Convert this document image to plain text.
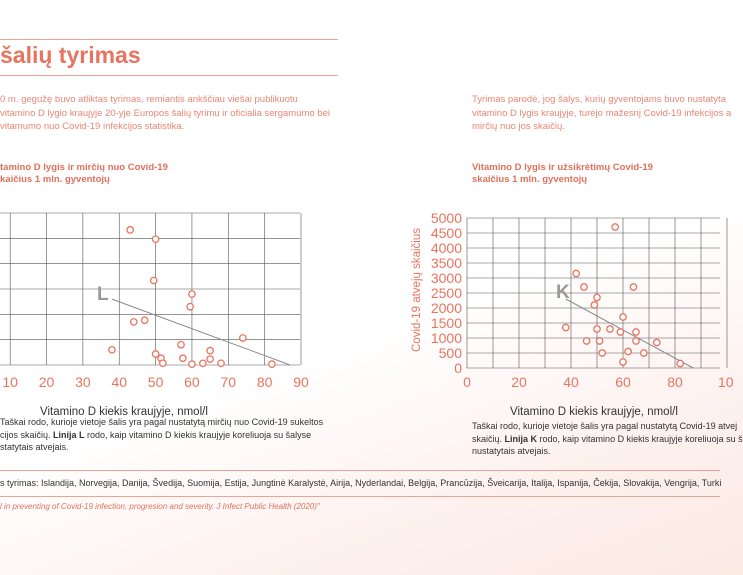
šalių tyrimas
0 m. gegužę buvo atliktas tyrimas, remiantis ankščiau viešai publikuotu
vitamino D lygio kraujyje 20-yje Europos šalių tyrimu ir oficialia sergamumo bei
vitamumo nuo Covid-19 infekcijos statistika.
Tyrimas parodė, jog šalys, kurių gyventojams buvo nustatyta
vitamino D lygis kraujyje, turėjo mažesnį Covid-19 infekcijos a
mirčių nuo jos skaičių.
tamino D lygis ir mirčių nuo Covid-19
kaičius 1 mln. gyventojų
Vitamino D lygis ir užsikrėtimų Covid-19
skaičius 1 mln. gyventojų
10 20 30 40 50 60 70 80 90
L
Vitamino D kiekis kraujyje, nmol/l
0
500
1000
1500
2000
2500
3000
3500
4000
4500
5000
0	20	40	60	80	10
K
Covid-19 atvejų skaičius
Vitamino D kiekis kraujyje, nmol/l
Taškai rodo, kurioje vietoje šalis yra pagal nustatytą mirčių nuo Covid-19 sukeltos
cijos skaičių. Linija L rodo, kaip vitamino D kiekis kraujyje koreliuoja su šalyse
statytais atvejais.
Taškai rodo, kurioje vietoje šalis yra pagal nustatytą Covid-19 atvej
skaičių. Linija K rodo, kaip vitamino D kiekis kraujyje koreliuoja su š
nustatytais atvejais.
s tyrimas: Islandija, Norvegija, Danija, Švedija, Suomija, Estija, Jungtinė Karalystė, Airija, Nyderlandai, Belgija, Prancūzija, Šveicarija, Italija, Ispanija, Čekija, Slovakija, Vengrija, Turki
l in preventing of Covid-19 infection, progresion and severity. J Infect Public Health (2020)"
